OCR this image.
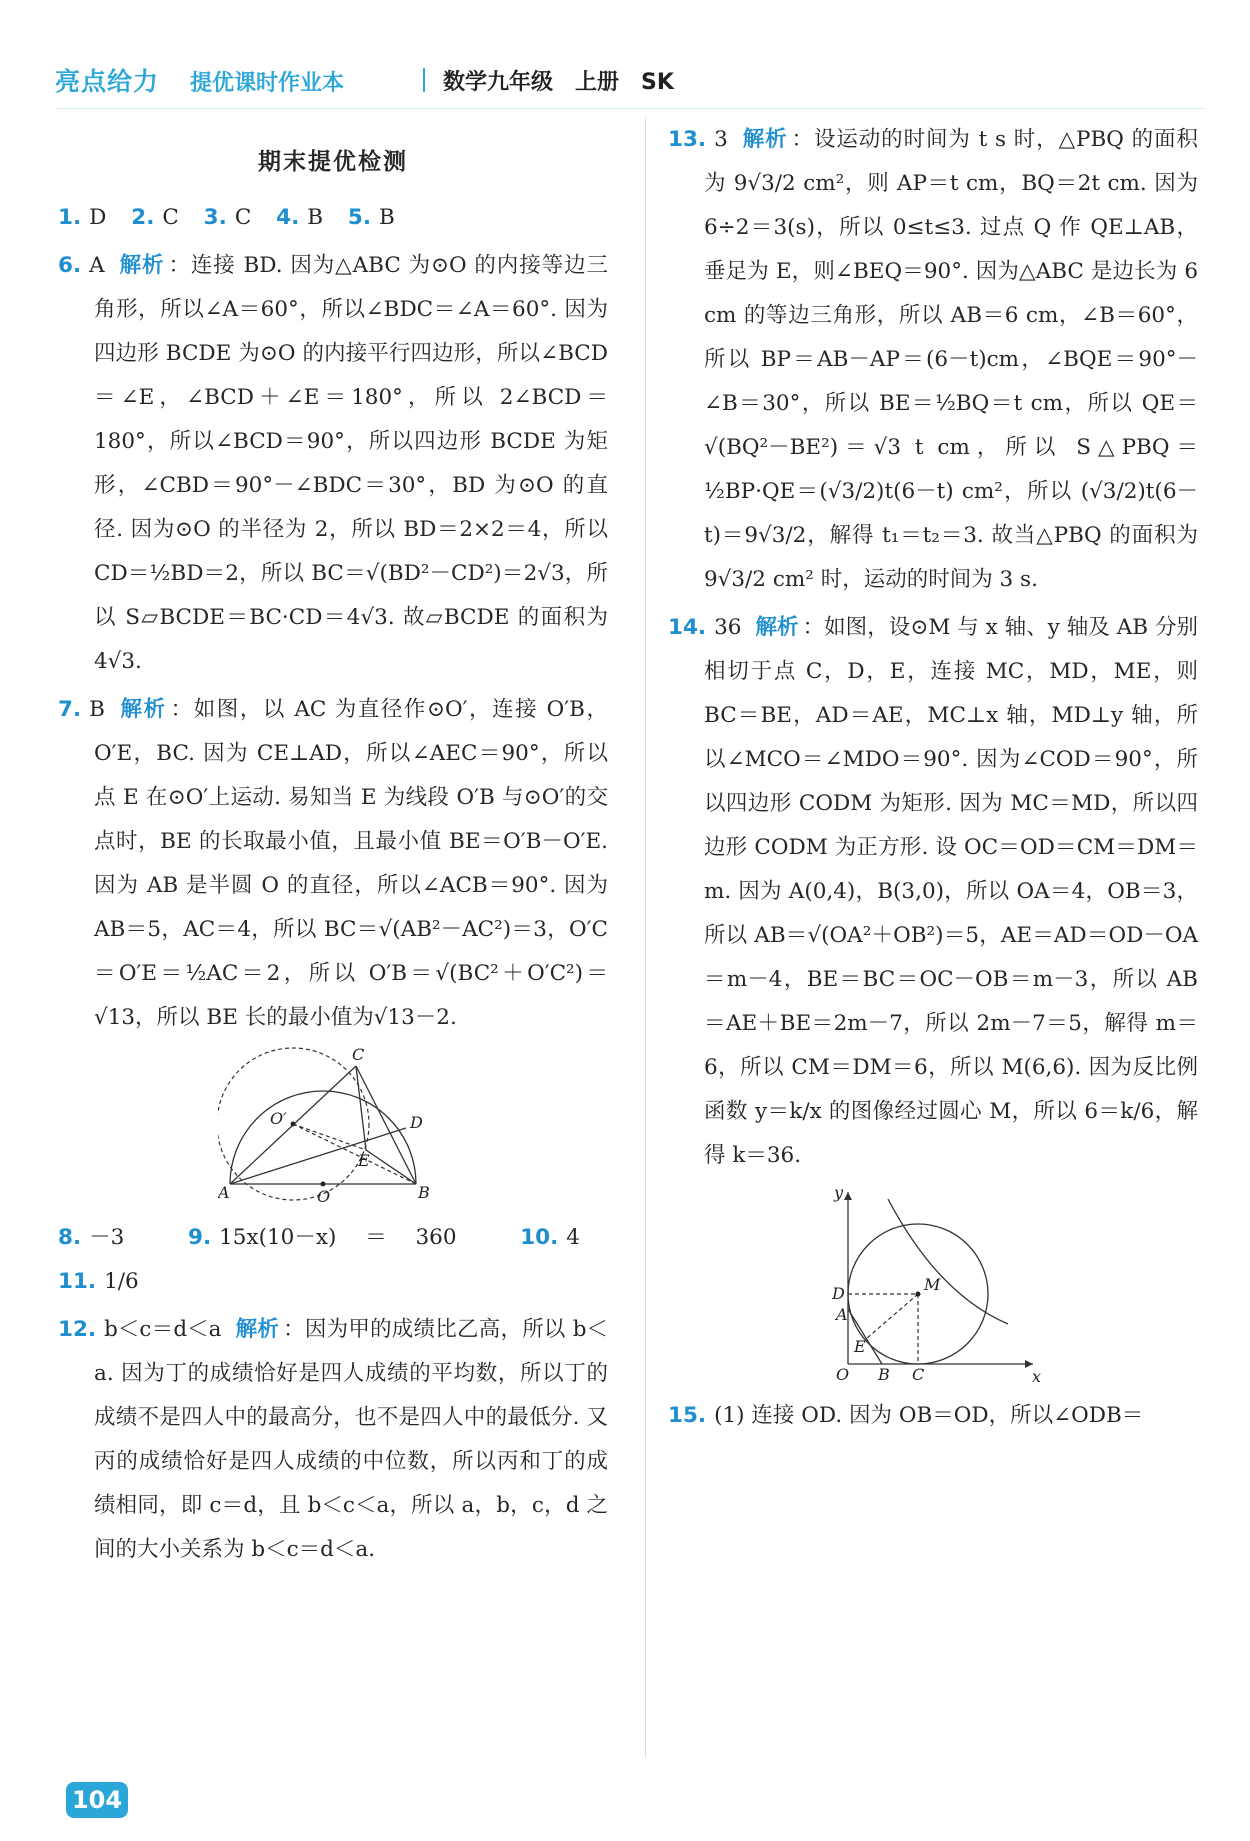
亮点给力 提优课时作业本	数学九年级　上册　SK
期末提优检测
1. D 2. C 3. C 4. B 5. B
6. A 解析 ：连接 BD. 因为△ABC 为⊙O 的内接等边三角形，所以∠A＝60°，所以∠BDC＝∠A＝60°. 因为四边形 BCDE 为⊙O 的内接平行四边形，所以∠BCD＝∠E，∠BCD＋∠E＝180°，所以 2∠BCD＝180°，所以∠BCD＝90°，所以四边形 BCDE 为矩形，∠CBD＝90°－∠BDC＝30°，BD 为⊙O 的直径. 因为⊙O 的半径为 2，所以 BD＝2×2＝4，所以 CD＝½BD＝2，所以 BC＝√(BD²－CD²)＝2√3，所以 S▱BCDE＝BC·CD＝4√3. 故▱BCDE 的面积为 4√3.
7. B 解析 ：如图，以 AC 为直径作⊙O′，连接 O′B，O′E，BC. 因为 CE⊥AD，所以∠AEC＝90°，所以点 E 在⊙O′上运动. 易知当 E 为线段 O′B 与⊙O′的交点时，BE 的长取最小值，且最小值 BE＝O′B－O′E. 因为 AB 是半圆 O 的直径，所以∠ACB＝90°. 因为 AB＝5，AC＝4，所以 BC＝√(AB²－AC²)＝3，O′C＝O′E＝½AC＝2，所以 O′B＝√(BC²＋O′C²)＝√13，所以 BE 长的最小值为√13－2.
C
D
O′
E
A	O	B
8. －3	9. 15x(10－x)＝360	10. 4 11. 1/6
12. b＜c＝d＜a 解析 ：因为甲的成绩比乙高，所以 b＜a. 因为丁的成绩恰好是四人成绩的平均数，所以丁的成绩不是四人中的最高分，也不是四人中的最低分. 又丙的成绩恰好是四人成绩的中位数，所以丙和丁的成绩相同，即 c＝d，且 b＜c＜a，所以 a，b，c，d 之间的大小关系为 b＜c＝d＜a.
13. 3 解析 ：设运动的时间为 t s 时，△PBQ 的面积为 9√3/2 cm²，则 AP＝t cm，BQ＝2t cm. 因为 6÷2＝3(s)，所以 0≤t≤3. 过点 Q 作 QE⊥AB，垂足为 E，则∠BEQ＝90°. 因为△ABC 是边长为 6 cm 的等边三角形，所以 AB＝6 cm，∠B＝60°，所以 BP＝AB－AP＝(6－t)cm，∠BQE＝90°－∠B＝30°，所以 BE＝½BQ＝t cm，所以 QE＝√(BQ²－BE²)＝√3 t cm，所以 S△PBQ＝½BP·QE＝(√3/2)t(6－t) cm²，所以 (√3/2)t(6－t)＝9√3/2，解得 t₁＝t₂＝3. 故当△PBQ 的面积为 9√3/2 cm² 时，运动的时间为 3 s.
14. 36 解析 ：如图，设⊙M 与 x 轴、y 轴及 AB 分别相切于点 C，D，E，连接 MC，MD，ME，则 BC＝BE，AD＝AE，MC⊥x 轴，MD⊥y 轴，所以∠MCO＝∠MDO＝90°. 因为∠COD＝90°，所以四边形 CODM 为矩形. 因为 MC＝MD，所以四边形 CODM 为正方形. 设 OC＝OD＝CM＝DM＝m. 因为 A(0,4)，B(3,0)，所以 OA＝4，OB＝3，所以 AB＝√(OA²＋OB²)＝5，AE＝AD＝OD－OA＝m－4，BE＝BC＝OC－OB＝m－3，所以 AB＝AE＋BE＝2m－7，所以 2m－7＝5，解得 m＝6，所以 CM＝DM＝6，所以 M(6,6). 因为反比例函数 y＝k/x 的图像经过圆心 M，所以 6＝k/6，解得 k＝36.
y
x
M
D
A
E
O B C
15. (1) 连接 OD. 因为 OB＝OD，所以∠ODB＝
104
